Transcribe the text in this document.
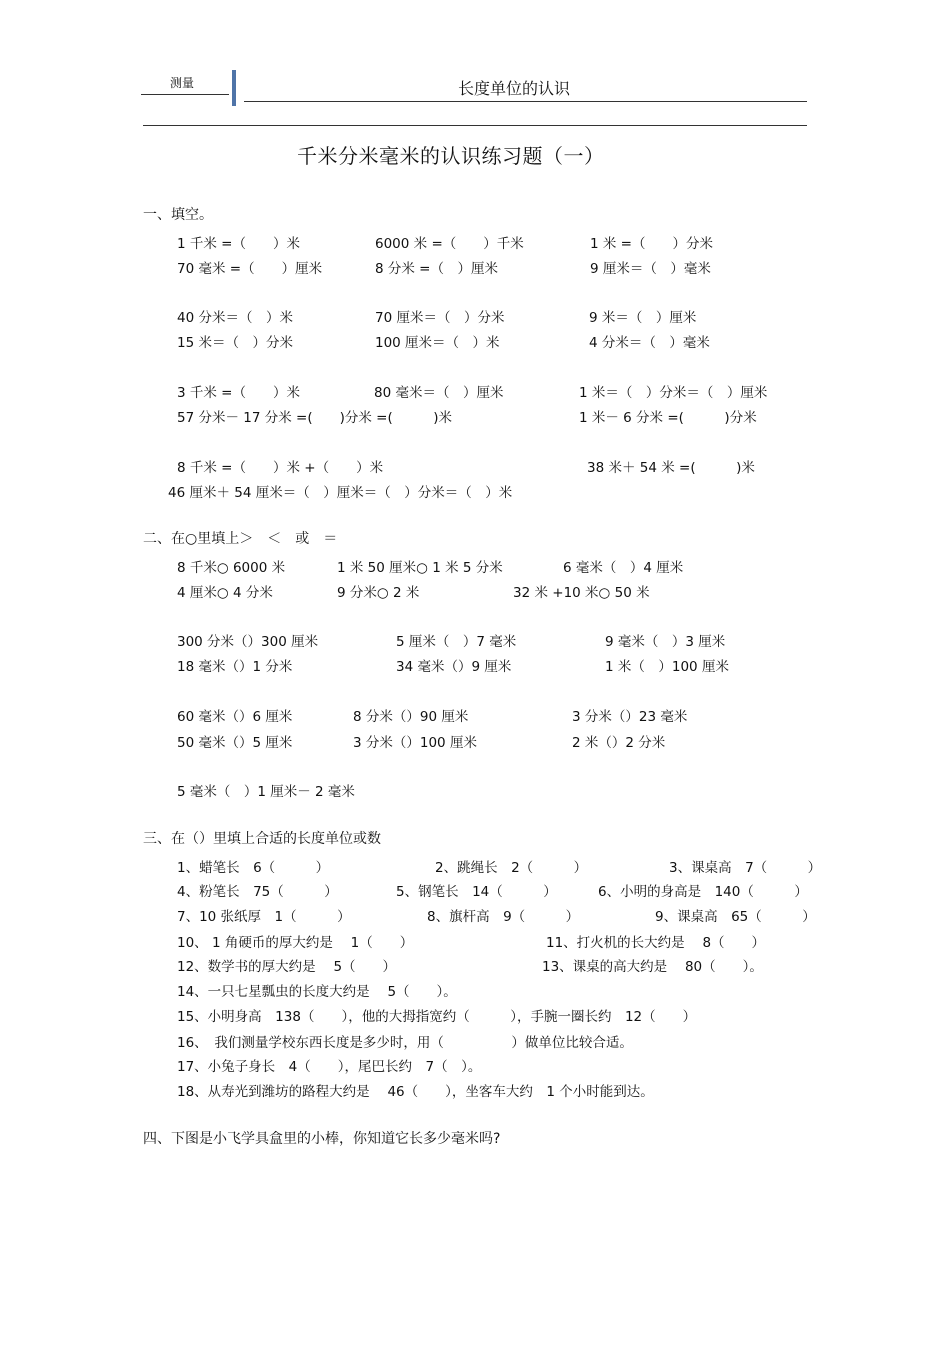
测量	长度单位的认识
千米分米毫米的认识练习题（一）
一、填空。
1 千米 =（　　）米	6000 米 =（　　）千米	1 米 =（　　）分米
70 毫米 =（　　）厘米	8 分米 =（　）厘米	9 厘米＝（　）毫米
40 分米＝（　）米	70 厘米＝（　）分米	9 米＝（　）厘米
15 米＝（　）分米	100 厘米＝（　）米	4 分米＝（　）毫米
3 千米 =（　　）米	80 毫米＝（　）厘米	1 米＝（　）分米＝（　）厘米
57 分米－ 17 分米 =(　　)分米 =(　　　)米	1 米－ 6 分米 =(　　　)分米
8 千米 =（　　）米 +（　　）米	38 米＋ 54 米 =(　　　)米
46 厘米＋ 54 厘米＝（　）厘米＝（　）分米＝（　）米
二、在○里填上＞　＜　或　＝
8 千米○ 6000 米	1 米 50 厘米○ 1 米 5 分米	6 毫米（　）4 厘米
4 厘米○ 4 分米	9 分米○ 2 米	32 米 +10 米○ 50 米
300 分米（）300 厘米	5 厘米（　）7 毫米	9 毫米（　）3 厘米
18 毫米（）1 分米	34 毫米（）9 厘米	1 米（　）100 厘米
60 毫米（）6 厘米	8 分米（）90 厘米	3 分米（）23 毫米
50 毫米（）5 厘米	3 分米（）100 厘米	2 米（）2 分米
5 毫米（　）1 厘米－ 2 毫米
三、在（）里填上合适的长度单位或数
1、蜡笔长　6（　　　）	2、跳绳长　2（　　　）	3、课桌高　7（　　　）
4、粉笔长　75（　　　）	5、钢笔长　14（　　　）	6、小明的身高是　140（　　　）
7、10 张纸厚　1（　　　）	8、旗杆高　9（　　　）	9、课桌高　65（　　　）
10、 1 角硬币的厚大约是　 1（　　）	11、打火机的长大约是　 8（　　）
12、数学书的厚大约是　 5（　　）	13、课桌的高大约是　 80（　　）。
14、一只七星瓢虫的长度大约是　 5（　　）。
15、小明身高　138（　　），他的大拇指宽约（　　　），手腕一圈长约　12（　　）
16、　我们测量学校东西长度是多少时，用（　　　　　）做单位比较合适。
17、小兔子身长　4（　　），尾巴长约　7（　）。
18、从寿光到潍坊的路程大约是　 46（　　），坐客车大约　1 个小时能到达。
四、下图是小飞学具盒里的小棒，你知道它长多少毫米吗?
